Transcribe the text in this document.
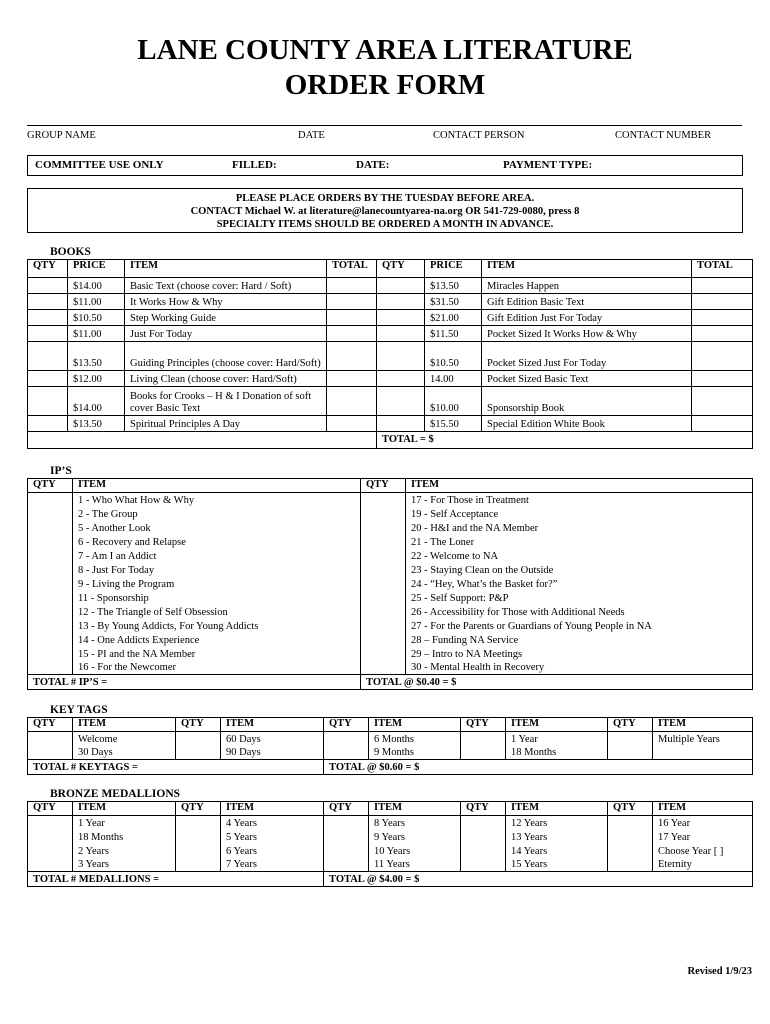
LANE COUNTY AREA LITERATURE
ORDER FORM
GROUP NAME	DATE	CONTACT PERSON	CONTACT NUMBER
COMMITTEE USE ONLY	FILLED:	DATE:	PAYMENT TYPE:
PLEASE PLACE ORDERS BY THE TUESDAY BEFORE AREA.
CONTACT Michael W. at literature@lanecountyarea-na.org OR 541-729-0080, press 8
SPECIALTY ITEMS SHOULD BE ORDERED A MONTH IN ADVANCE.
BOOKS
QTY	PRICE	ITEM	TOTAL	QTY	PRICE	ITEM	TOTAL
	$14.00	Basic Text (choose cover: Hard / Soft)			$13.50	Miracles Happen	
	$11.00	It Works How & Why			$31.50	Gift Edition Basic Text	
	$10.50	Step Working Guide			$21.00	Gift Edition Just For Today	
	$11.00	Just For Today			$11.50	Pocket Sized It Works How & Why	
	$13.50	Guiding Principles (choose cover: Hard/Soft)			$10.50	Pocket Sized Just For Today	
	$12.00	Living Clean (choose cover: Hard/Soft)			14.00	Pocket Sized Basic Text	
	$14.00	Books for Crooks – H & I Donation of soft cover Basic Text			$10.00	Sponsorship Book	
	$13.50	Spiritual Principles A Day			$15.50	Special Edition White Book	
				TOTAL = $			
IP’S
QTY	ITEM	QTY	ITEM
	1 - Who What How & Why		17 - For Those in Treatment
	2 - The Group		19 - Self Acceptance
	5 - Another Look		20 - H&I and the NA Member
	6 - Recovery and Relapse		21 - The Loner
	7 - Am I an Addict		22 - Welcome to NA
	8 - Just For Today		23 - Staying Clean on the Outside
	9 - Living the Program		24 - “Hey, What’s the Basket for?”
	11 - Sponsorship		25 - Self Support: P&P
	12 - The Triangle of Self Obsession		26 - Accessibility for Those with Additional Needs
	13 - By Young Addicts, For Young Addicts		27 - For the Parents or Guardians of Young People in NA
	14 - One Addicts Experience		28 – Funding NA Service
	15 - PI and the NA Member		29 – Intro to NA Meetings
	16 - For the Newcomer		30 - Mental Health in Recovery
TOTAL # IP’S =		TOTAL @ $0.40 = $	
KEY TAGS
QTY	ITEM	QTY	ITEM	QTY	ITEM	QTY	ITEM	QTY	ITEM
	Welcome		60 Days		6 Months		1 Year		Multiple Years
	30 Days		90 Days		9 Months		18 Months		
TOTAL # KEYTAGS =				TOTAL @ $0.60 = $					
BRONZE MEDALLIONS
QTY	ITEM	QTY	ITEM	QTY	ITEM	QTY	ITEM	QTY	ITEM
	1 Year		4 Years		8 Years		12 Years		16 Year
	18 Months		5 Years		9 Years		13 Years		17 Year
	2 Years		6 Years		10 Years		14 Years		Choose Year [ ]
	3 Years		7 Years		11 Years		15 Years		Eternity
TOTAL # MEDALLIONS =				TOTAL @ $4.00 = $					
Revised 1/9/23
